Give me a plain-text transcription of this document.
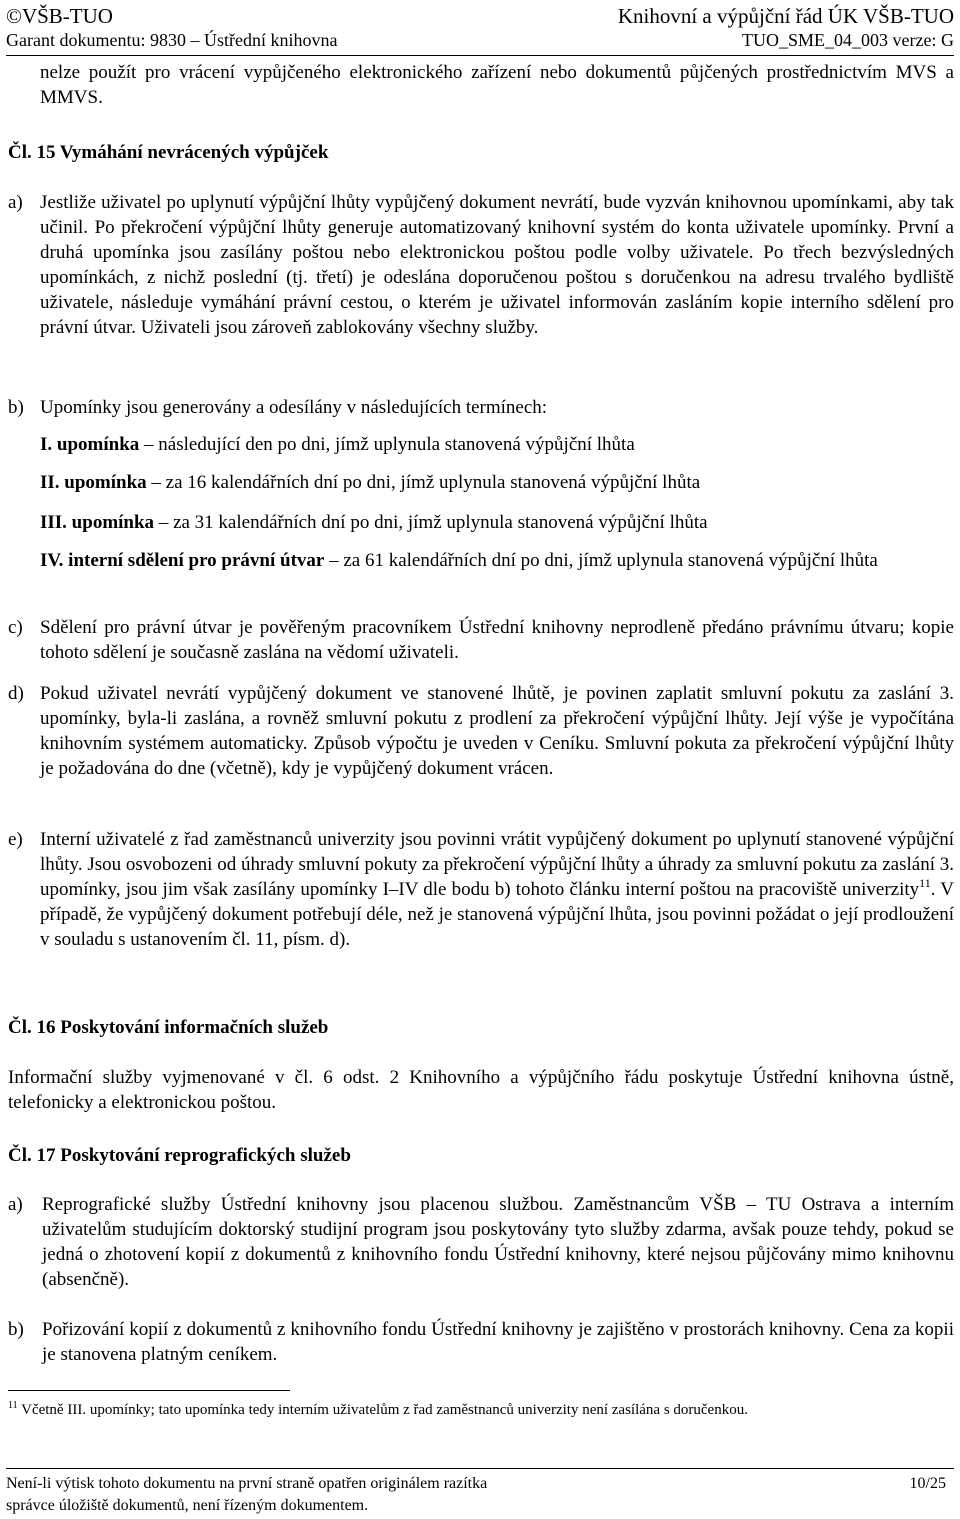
©VŠB-TUO	Knihovní a výpůjční řád ÚK VŠB-TUO
Garant dokumentu: 9830 – Ústřední knihovna	TUO_SME_04_003 verze: G
nelze použít pro vrácení vypůjčeného elektronického zařízení nebo dokumentů půjčených prostřednictvím MVS a MMVS.
Čl. 15 Vymáhání nevrácených výpůjček
a) Jestliže uživatel po uplynutí výpůjční lhůty vypůjčený dokument nevrátí, bude vyzván knihovnou upomínkami, aby tak učinil. Po překročení výpůjční lhůty generuje automatizovaný knihovní systém do konta uživatele upomínky. První a druhá upomínka jsou zasílány poštou nebo elektronickou poštou podle volby uživatele. Po třech bezvýsledných upomínkách, z nichž poslední (tj. třetí) je odeslána doporučenou poštou s doručenkou na adresu trvalého bydliště uživatele, následuje vymáhání právní cestou, o kterém je uživatel informován zasláním kopie interního sdělení pro právní útvar. Uživateli jsou zároveň zablokovány všechny služby.
b) Upomínky jsou generovány a odesílány v následujících termínech:
I. upomínka – následující den po dni, jímž uplynula stanovená výpůjční lhůta
II. upomínka – za 16 kalendářních dní po dni, jímž uplynula stanovená výpůjční lhůta
III. upomínka – za 31 kalendářních dní po dni, jímž uplynula stanovená výpůjční lhůta
IV. interní sdělení pro právní útvar – za 61 kalendářních dní po dni, jímž uplynula stanovená výpůjční lhůta
c) Sdělení pro právní útvar je pověřeným pracovníkem Ústřední knihovny neprodleně předáno právnímu útvaru; kopie tohoto sdělení je současně zaslána na vědomí uživateli.
d) Pokud uživatel nevrátí vypůjčený dokument ve stanovené lhůtě, je povinen zaplatit smluvní pokutu za zaslání 3. upomínky, byla-li zaslána, a rovněž smluvní pokutu z prodlení za překročení výpůjční lhůty. Její výše je vypočítána knihovním systémem automaticky. Způsob výpočtu je uveden v Ceníku. Smluvní pokuta za překročení výpůjční lhůty je požadována do dne (včetně), kdy je vypůjčený dokument vrácen.
e) Interní uživatelé z řad zaměstnanců univerzity jsou povinni vrátit vypůjčený dokument po uplynutí stanovené výpůjční lhůty. Jsou osvobozeni od úhrady smluvní pokuty za překročení výpůjční lhůty a úhrady za smluvní pokutu za zaslání 3. upomínky, jsou jim však zasílány upomínky I–IV dle bodu b) tohoto článku interní poštou na pracoviště univerzity$^{11}$. V případě, že vypůjčený dokument potřebují déle, než je stanovená výpůjční lhůta, jsou povinni požádat o její prodloužení v souladu s ustanovením čl. 11, písm. d).
Čl. 16 Poskytování informačních služeb
Informační služby vyjmenované v čl. 6 odst. 2 Knihovního a výpůjčního řádu poskytuje Ústřední knihovna ústně, telefonicky a elektronickou poštou.
Čl. 17 Poskytování reprografických služeb
a) Reprografické služby Ústřední knihovny jsou placenou službou. Zaměstnancům VŠB – TU Ostrava a interním uživatelům studujícím doktorský studijní program jsou poskytovány tyto služby zdarma, avšak pouze tehdy, pokud se jedná o zhotovení kopií z dokumentů z knihovního fondu Ústřední knihovny, které nejsou půjčovány mimo knihovnu (absenčně).
b) Pořizování kopií z dokumentů z knihovního fondu Ústřední knihovny je zajištěno v prostorách knihovny. Cena za kopii je stanovena platným ceníkem.
$^{11}$ Včetně III. upomínky; tato upomínka tedy interním uživatelům z řad zaměstnanců univerzity není zasílána s doručenkou.
Není-li výtisk tohoto dokumentu na první straně opatřen originálem razítka	10/25
správce úložiště dokumentů, není řízeným dokumentem.
